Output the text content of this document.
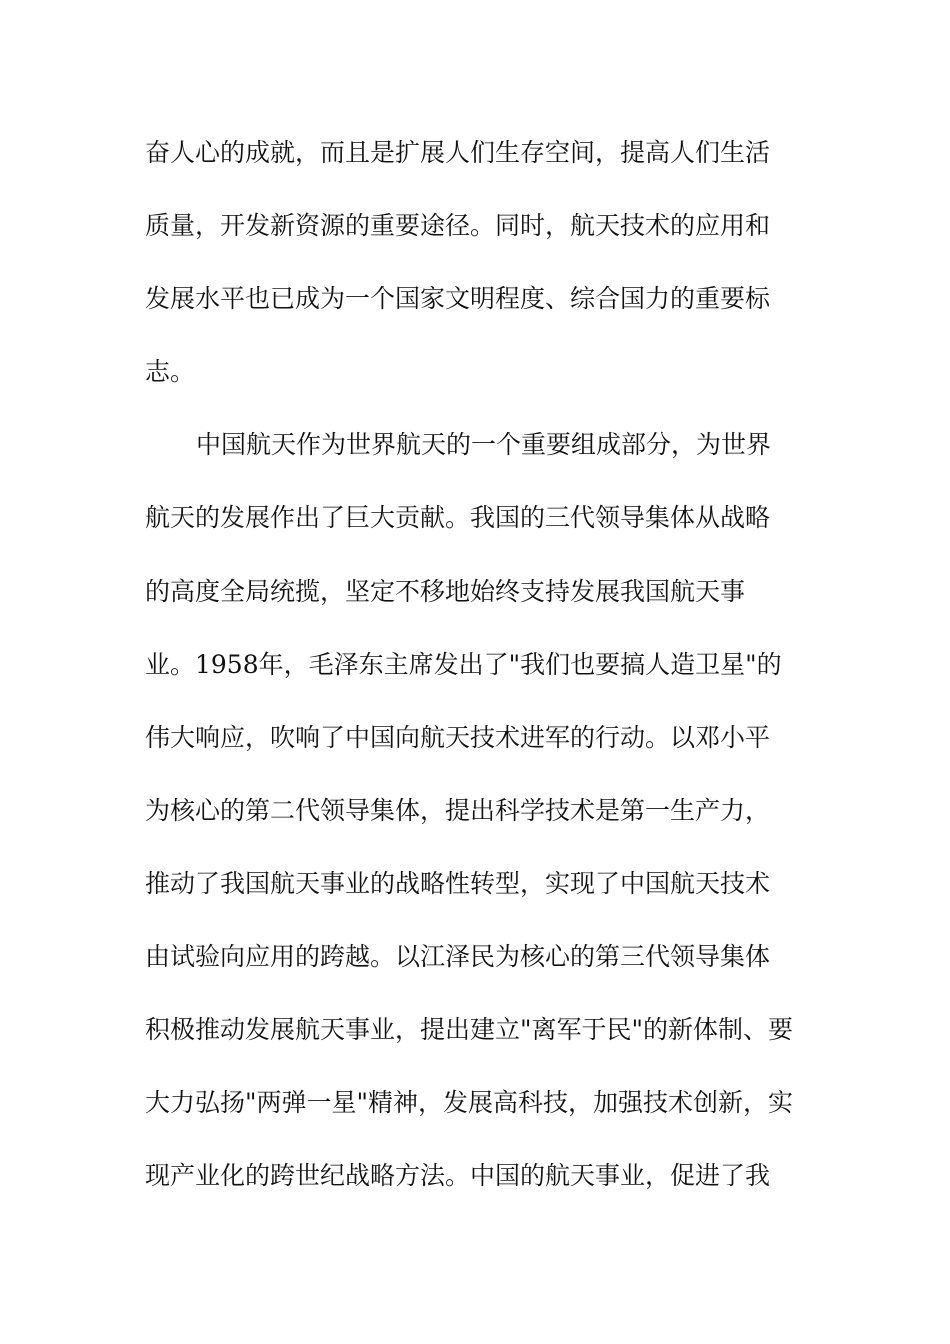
奋人心的成就，而且是扩展人们生存空间，提高人们生活
质量，开发新资源的重要途径。同时，航天技术的应用和
发展水平也已成为一个国家文明程度、综合国力的重要标
志。
中国航天作为世界航天的一个重要组成部分，为世界
航天的发展作出了巨大贡献。我国的三代领导集体从战略
的高度全局统揽，坚定不移地始终支持发展我国航天事
业。1958年，毛泽东主席发出了"我们也要搞人造卫星"的
伟大响应，吹响了中国向航天技术进军的行动。以邓小平
为核心的第二代领导集体，提出科学技术是第一生产力，
推动了我国航天事业的战略性转型，实现了中国航天技术
由试验向应用的跨越。以江泽民为核心的第三代领导集体
积极推动发展航天事业，提出建立"离军于民"的新体制、要
大力弘扬"两弹一星"精神，发展高科技，加强技术创新，实
现产业化的跨世纪战略方法。中国的航天事业，促进了我
